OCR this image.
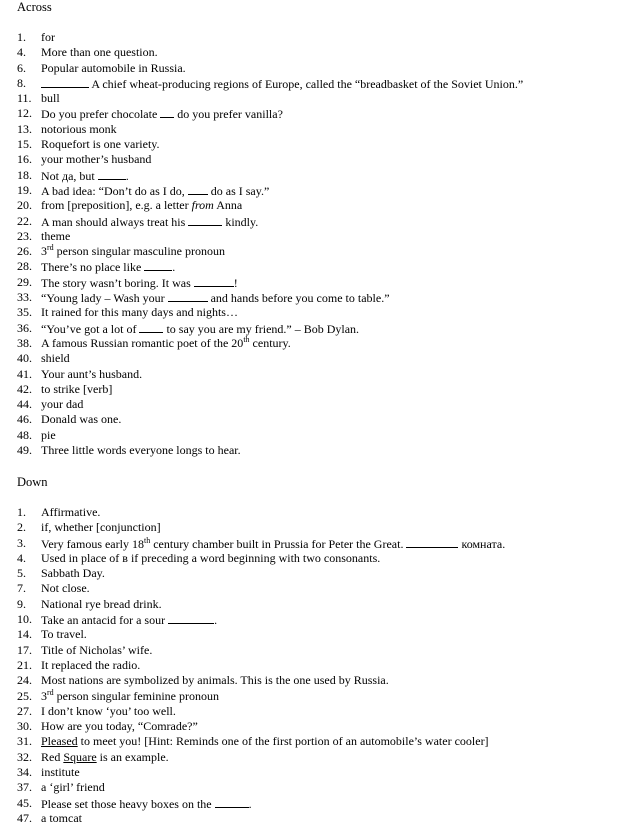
Across
1.	for
4.	More than one question.
6.	Popular automobile in Russia.
8.	A chief wheat-producing regions of Europe, called the “breadbasket of the Soviet Union.”
11. bull
12. Do you prefer chocolate  do you prefer vanilla?
13. notorious monk
15. Roquefort is one variety.
16. your mother’s husband
18. Not да, but .
19. A bad idea: “Don’t do as I do,  do as I say.”
20. from [preposition], e.g. a letter from Anna
22. A man should always treat his	kindly.
23. theme
26. 3rd person singular masculine pronoun
28. There’s no place like .
29. The story wasn’t boring. It was	!
33. “Young lady – Wash your	and hands before you come to table.”
35. It rained for this many days and nights…
36. “You’ve got a lot of  to say you are my friend.” – Bob Dylan.
38. A famous Russian romantic poet of the 20th century.
40. shield
41. Your aunt’s husband.
42. to strike [verb]
44. your dad
46. Donald was one.
48. pie
49. Three little words everyone longs to hear.
Down
1.	Affirmative.
2.	if, whether [conjunction]
3.	Very famous early 18th century chamber built in Prussia for Peter the Great.	комната.
4.	Used in place of в if preceding a word beginning with two consonants.
5.	Sabbath Day.
7.	Not close.
9.	National rye bread drink.
10. Take an antacid for a sour	.
14. To travel.
17. Title of Nicholas’ wife.
21. It replaced the radio.
24. Most nations are symbolized by animals. This is the one used by Russia.
25. 3rd person singular feminine pronoun
27. I don’t know ‘you’ too well.
30. How are you today, “Comrade?”
31. Pleased to meet you! [Hint: Reminds one of the first portion of an automobile’s water cooler]
32. Red Square is an example.
34. institute
37. a ‘girl’ friend
45. Please set those heavy boxes on the	.
47. a tomcat
